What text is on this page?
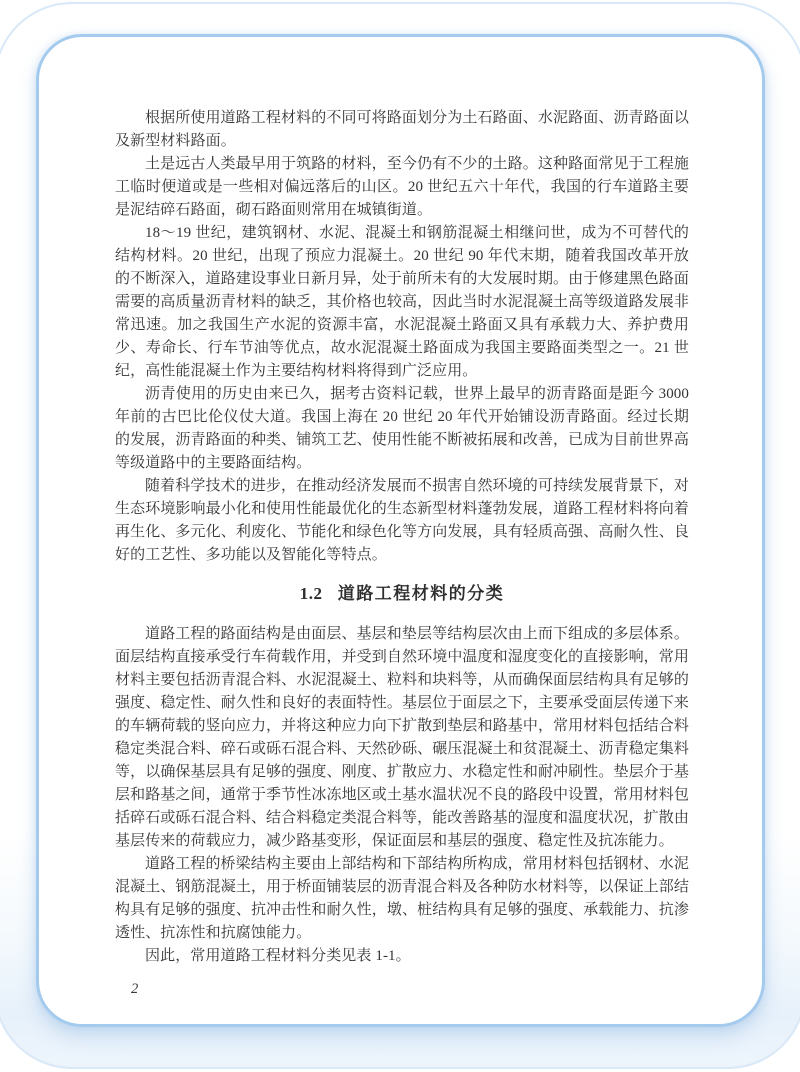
根据所使用道路工程材料的不同可将路面划分为土石路面、水泥路面、沥青路面以及新型材料路面。

土是远古人类最早用于筑路的材料，至今仍有不少的土路。这种路面常见于工程施工临时便道或是一些相对偏远落后的山区。20 世纪五六十年代，我国的行车道路主要是泥结碎石路面，砌石路面则常用在城镇街道。

18～19 世纪，建筑钢材、水泥、混凝土和钢筋混凝土相继问世，成为不可替代的结构材料。20 世纪，出现了预应力混凝土。20 世纪 90 年代末期，随着我国改革开放的不断深入，道路建设事业日新月异，处于前所未有的大发展时期。由于修建黑色路面需要的高质量沥青材料的缺乏，其价格也较高，因此当时水泥混凝土高等级道路发展非常迅速。加之我国生产水泥的资源丰富，水泥混凝土路面又具有承载力大、养护费用少、寿命长、行车节油等优点，故水泥混凝土路面成为我国主要路面类型之一。21 世纪，高性能混凝土作为主要结构材料将得到广泛应用。

沥青使用的历史由来已久，据考古资料记载，世界上最早的沥青路面是距今 3000 年前的古巴比伦仪仗大道。我国上海在 20 世纪 20 年代开始铺设沥青路面。经过长期的发展，沥青路面的种类、铺筑工艺、使用性能不断被拓展和改善，已成为目前世界高等级道路中的主要路面结构。

随着科学技术的进步，在推动经济发展而不损害自然环境的可持续发展背景下，对生态环境影响最小化和使用性能最优化的生态新型材料蓬勃发展，道路工程材料将向着再生化、多元化、利废化、节能化和绿色化等方向发展，具有轻质高强、高耐久性、良好的工艺性、多功能以及智能化等特点。

1.2 道路工程材料的分类

道路工程的路面结构是由面层、基层和垫层等结构层次由上而下组成的多层体系。面层结构直接承受行车荷载作用，并受到自然环境中温度和湿度变化的直接影响，常用材料主要包括沥青混合料、水泥混凝土、粒料和块料等，从而确保面层结构具有足够的强度、稳定性、耐久性和良好的表面特性。基层位于面层之下，主要承受面层传递下来的车辆荷载的竖向应力，并将这种应力向下扩散到垫层和路基中，常用材料包括结合料稳定类混合料、碎石或砾石混合料、天然砂砾、碾压混凝土和贫混凝土、沥青稳定集料等，以确保基层具有足够的强度、刚度、扩散应力、水稳定性和耐冲刷性。垫层介于基层和路基之间，通常于季节性冰冻地区或土基水温状况不良的路段中设置，常用材料包括碎石或砾石混合料、结合料稳定类混合料等，能改善路基的湿度和温度状况，扩散由基层传来的荷载应力，减少路基变形，保证面层和基层的强度、稳定性及抗冻能力。

道路工程的桥梁结构主要由上部结构和下部结构所构成，常用材料包括钢材、水泥混凝土、钢筋混凝土，用于桥面铺装层的沥青混合料及各种防水材料等，以保证上部结构具有足够的强度、抗冲击性和耐久性，墩、桩结构具有足够的强度、承载能力、抗渗透性、抗冻性和抗腐蚀能力。

因此，常用道路工程材料分类见表 1-1。

2
